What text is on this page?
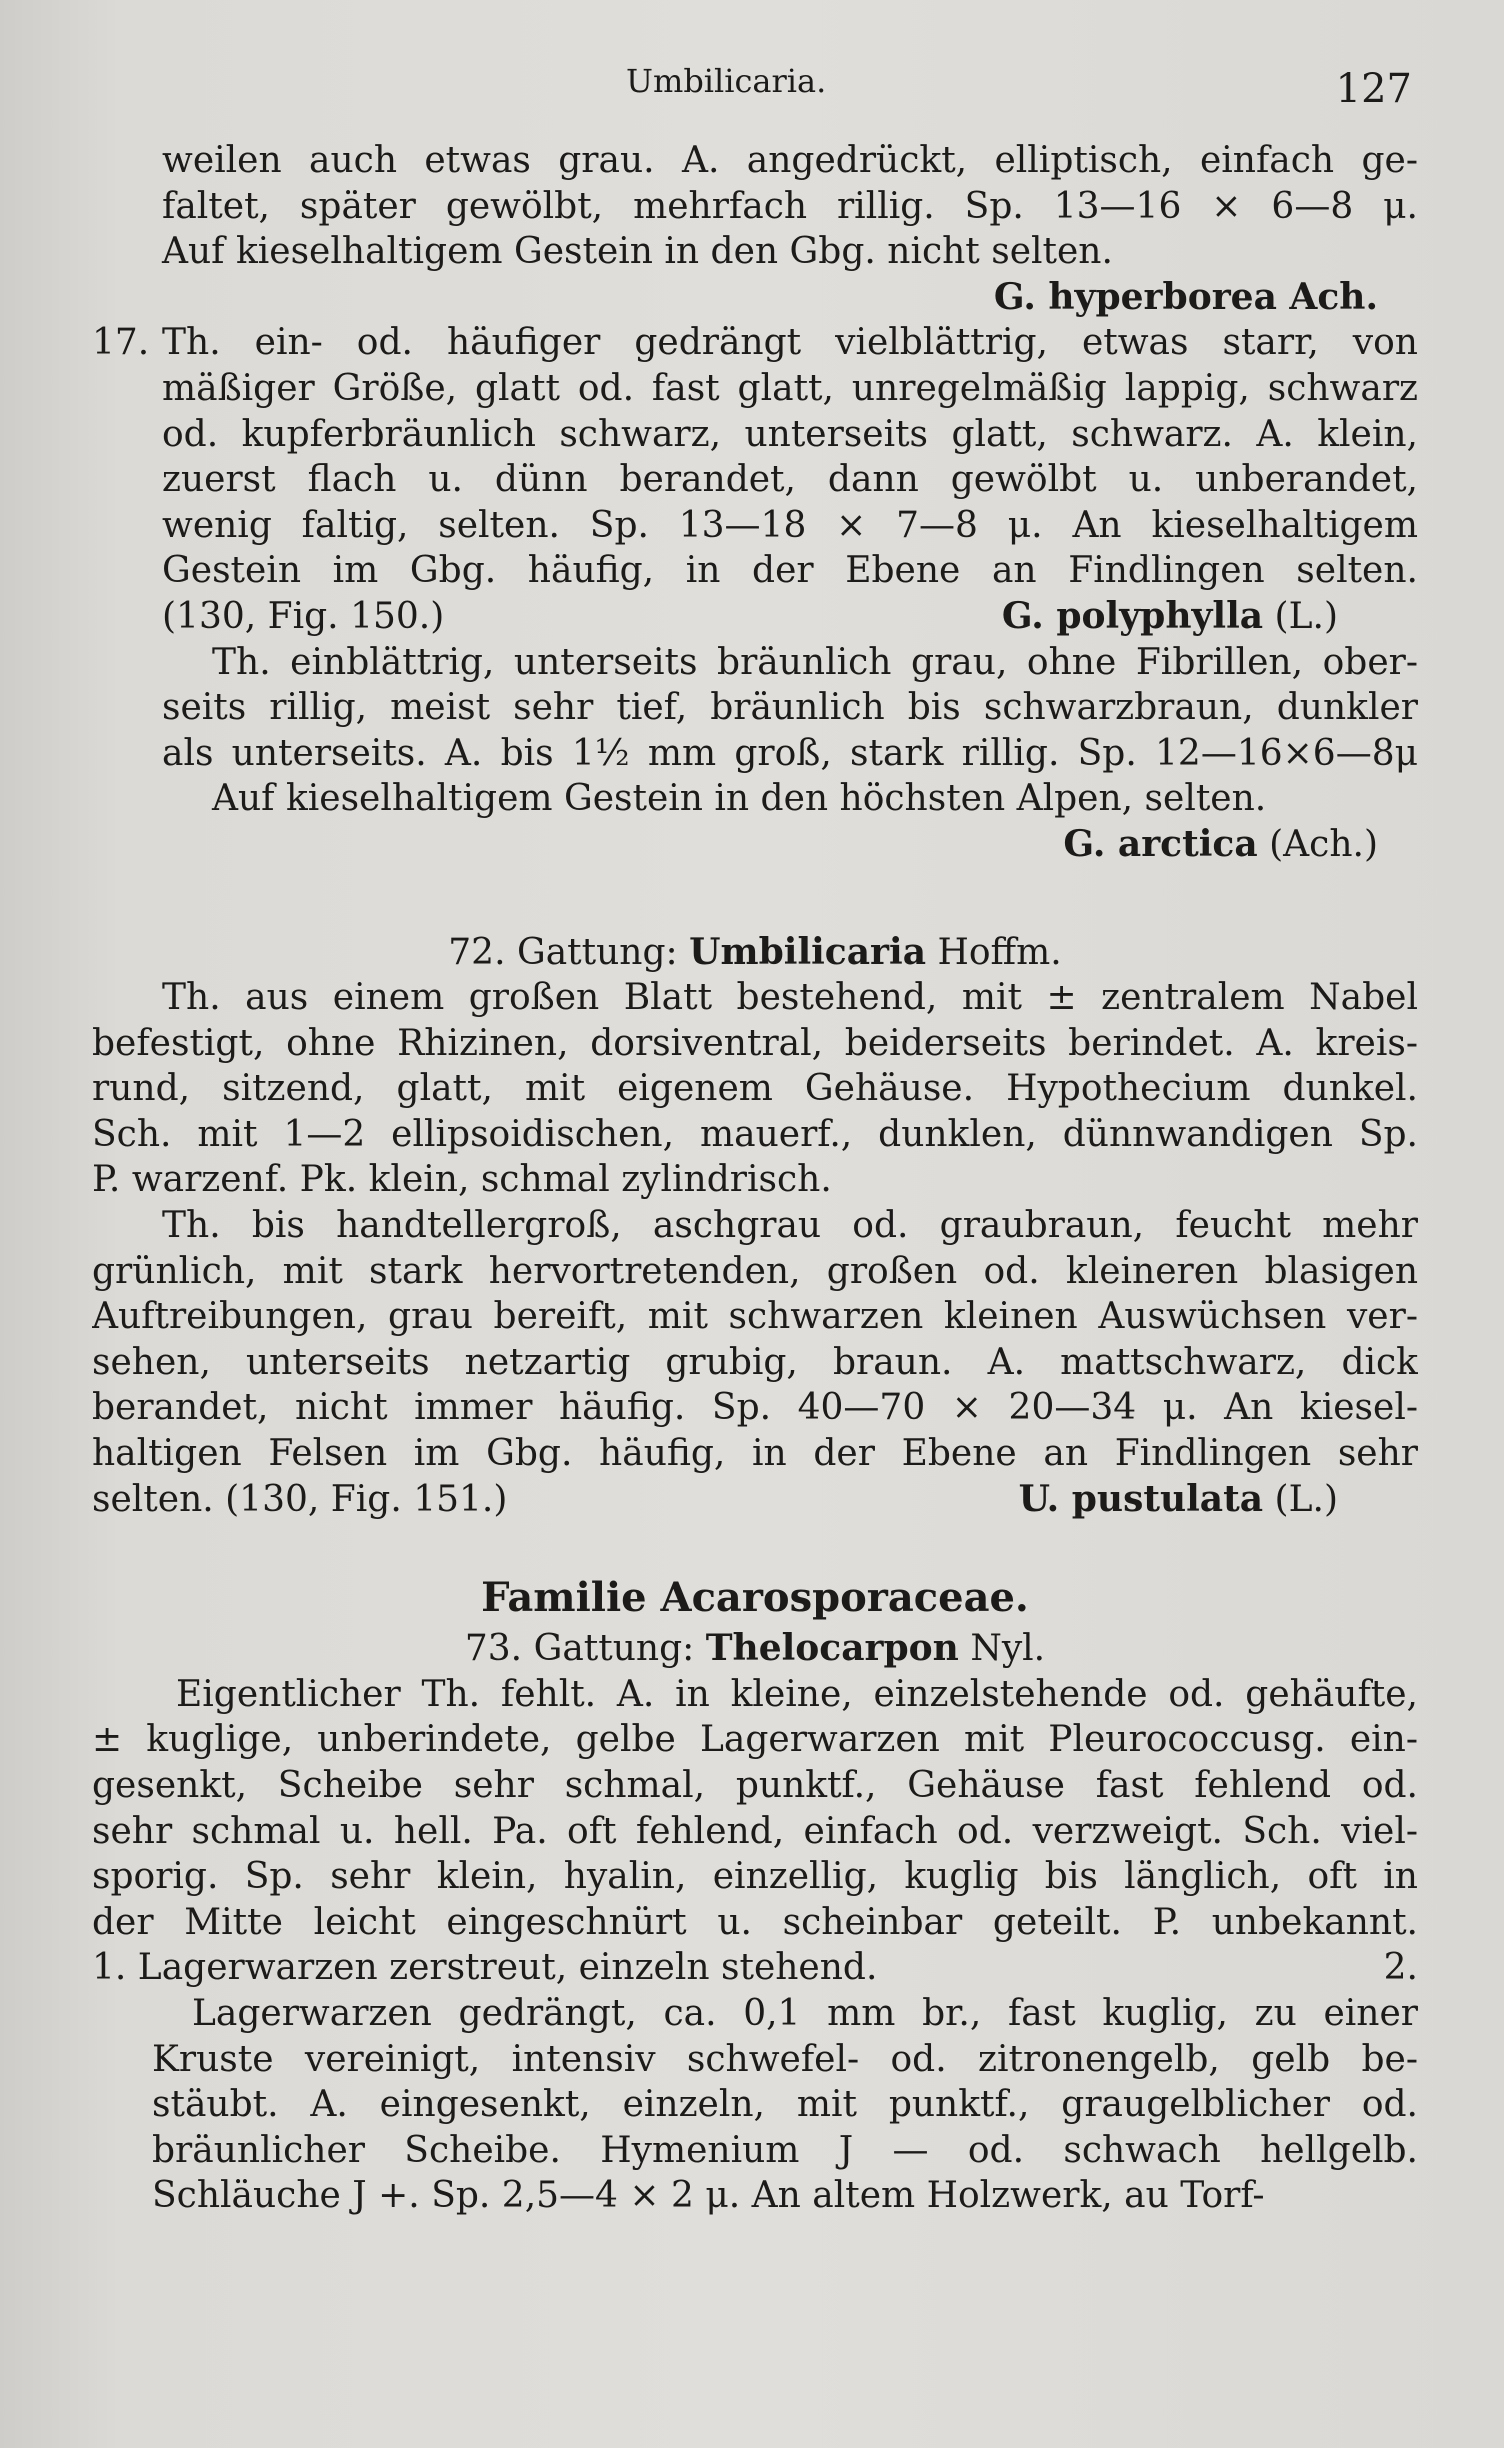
Umbilicaria.	127
weilen auch etwas grau. A. angedrückt, elliptisch, einfach ge-
faltet, später gewölbt, mehrfach rillig. Sp. 13—16 × 6—8 μ.
Auf kieselhaltigem Gestein in den Gbg. nicht selten.
G. hyperborea Ach.
17. Th. ein- od. häufiger gedrängt vielblättrig, etwas starr, von
mäßiger Größe, glatt od. fast glatt, unregelmäßig lappig, schwarz
od. kupferbräunlich schwarz, unterseits glatt, schwarz. A. klein,
zuerst flach u. dünn berandet, dann gewölbt u. unberandet,
wenig faltig, selten. Sp. 13—18 × 7—8 μ. An kieselhaltigem
Gestein im Gbg. häufig, in der Ebene an Findlingen selten.
(130, Fig. 150.)	G. polyphylla (L.)
Th. einblättrig, unterseits bräunlich grau, ohne Fibrillen, ober-
seits rillig, meist sehr tief, bräunlich bis schwarzbraun, dunkler
als unterseits. A. bis 1½ mm groß, stark rillig. Sp. 12—16×6—8μ
Auf kieselhaltigem Gestein in den höchsten Alpen, selten.
G. arctica (Ach.)
72. Gattung: Umbilicaria Hoffm.
Th. aus einem großen Blatt bestehend, mit ± zentralem Nabel
befestigt, ohne Rhizinen, dorsiventral, beiderseits berindet. A. kreis-
rund, sitzend, glatt, mit eigenem Gehäuse. Hypothecium dunkel.
Sch. mit 1—2 ellipsoidischen, mauerf., dunklen, dünnwandigen Sp.
P. warzenf. Pk. klein, schmal zylindrisch.
Th. bis handtellergroß, aschgrau od. graubraun, feucht mehr
grünlich, mit stark hervortretenden, großen od. kleineren blasigen
Auftreibungen, grau bereift, mit schwarzen kleinen Auswüchsen ver-
sehen, unterseits netzartig grubig, braun. A. mattschwarz, dick
berandet, nicht immer häufig. Sp. 40—70 × 20—34 μ. An kiesel-
haltigen Felsen im Gbg. häufig, in der Ebene an Findlingen sehr
selten. (130, Fig. 151.)	U. pustulata (L.)
Familie Acarosporaceae.
73. Gattung: Thelocarpon Nyl.
Eigentlicher Th. fehlt. A. in kleine, einzelstehende od. gehäufte,
± kuglige, unberindete, gelbe Lagerwarzen mit Pleurococcusg. ein-
gesenkt, Scheibe sehr schmal, punktf., Gehäuse fast fehlend od.
sehr schmal u. hell. Pa. oft fehlend, einfach od. verzweigt. Sch. viel-
sporig. Sp. sehr klein, hyalin, einzellig, kuglig bis länglich, oft in
der Mitte leicht eingeschnürt u. scheinbar geteilt. P. unbekannt.
1. Lagerwarzen zerstreut, einzeln stehend.	2.
Lagerwarzen gedrängt, ca. 0,1 mm br., fast kuglig, zu einer
Kruste vereinigt, intensiv schwefel- od. zitronengelb, gelb be-
stäubt. A. eingesenkt, einzeln, mit punktf., graugelblicher od.
bräunlicher Scheibe. Hymenium J — od. schwach hellgelb.
Schläuche J +. Sp. 2,5—4 × 2 μ. An altem Holzwerk, au Torf-
